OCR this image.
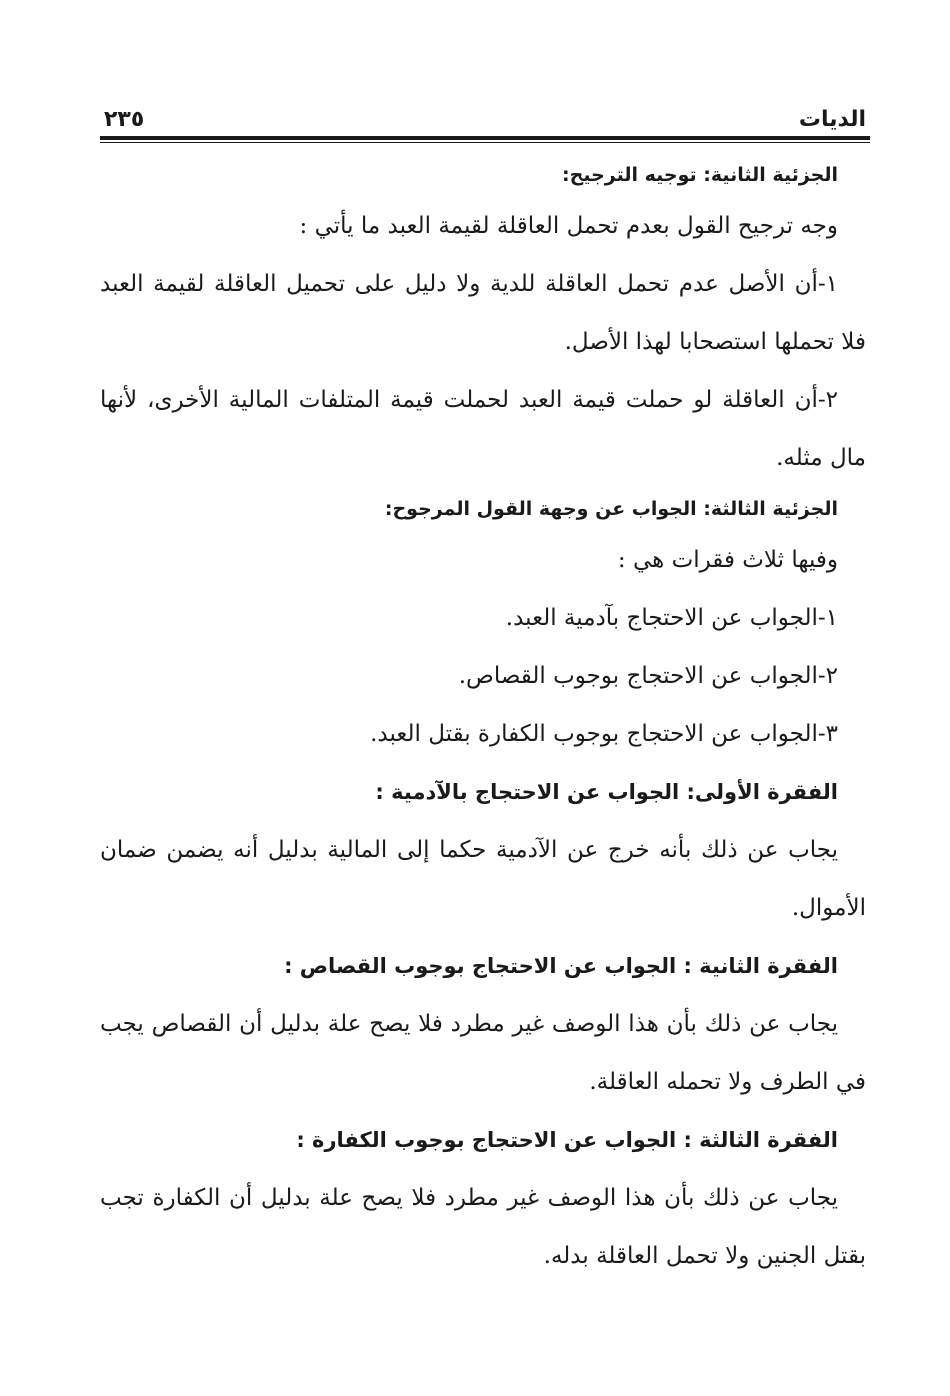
الديات
٢٣٥

الجزئية الثانية: توجيه الترجيح:

وجه ترجيح القول بعدم تحمل العاقلة لقيمة العبد ما يأتي :

١-أن الأصل عدم تحمل العاقلة للدية ولا دليل على تحميل العاقلة لقيمة العبد فلا تحملها استصحابا لهذا الأصل.

٢-أن العاقلة لو حملت قيمة العبد لحملت قيمة المتلفات المالية الأخرى، لأنها مال مثله.

الجزئية الثالثة: الجواب عن وجهة القول المرجوح:

وفيها ثلاث فقرات هي :

١-الجواب عن الاحتجاج بآدمية العبد.

٢-الجواب عن الاحتجاج بوجوب القصاص.

٣-الجواب عن الاحتجاج بوجوب الكفارة بقتل العبد.

الفقرة الأولى: الجواب عن الاحتجاج بالآدمية :

يجاب عن ذلك بأنه خرج عن الآدمية حكما إلى المالية بدليل أنه يضمن ضمان الأموال.

الفقرة الثانية : الجواب عن الاحتجاج بوجوب القصاص :

يجاب عن ذلك بأن هذا الوصف غير مطرد فلا يصح علة بدليل أن القصاص يجب في الطرف ولا تحمله العاقلة.

الفقرة الثالثة : الجواب عن الاحتجاج بوجوب الكفارة :

يجاب عن ذلك بأن هذا الوصف غير مطرد فلا يصح علة بدليل أن الكفارة تجب بقتل الجنين ولا تحمل العاقلة بدله.
